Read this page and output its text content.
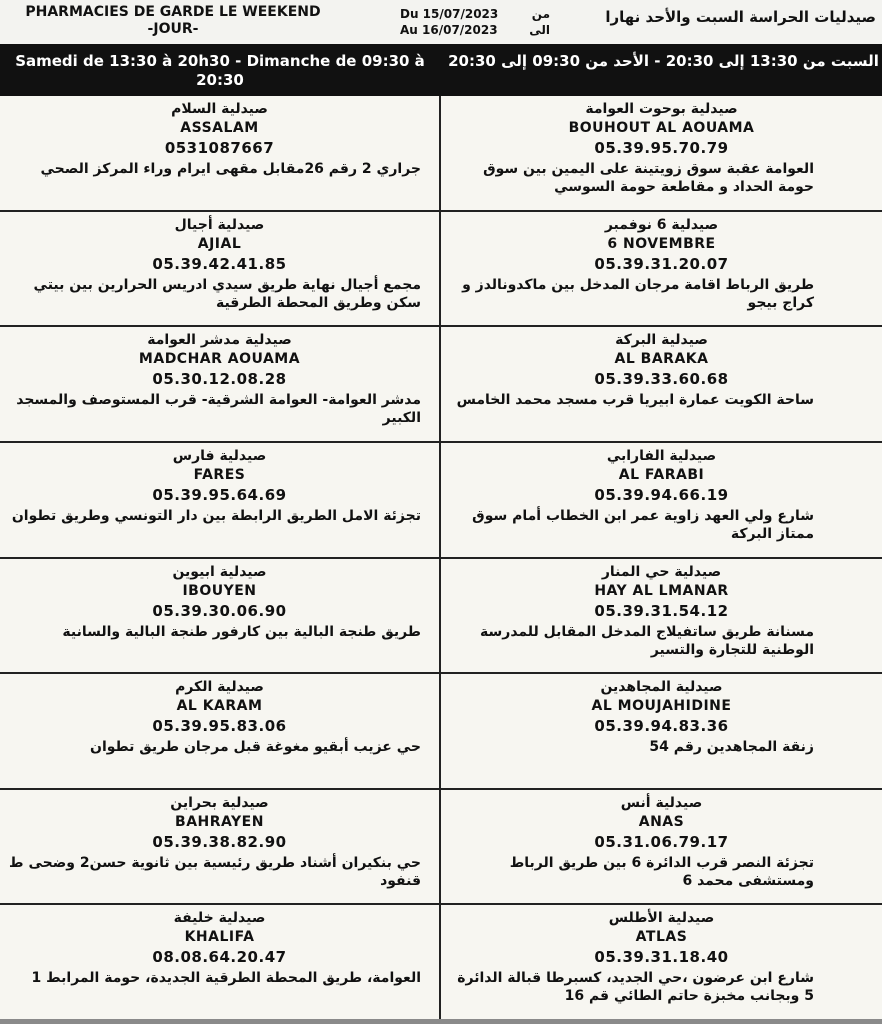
PHARMACIES DE GARDE LE WEEKEND
-JOUR-
Du 15/07/2023	من
Au 16/07/2023	الى
صيدليات الحراسة السبت والأحد نهارا
Samedi de 13:30 à 20h30 - Dimanche de 09:30 à 20:30
السبت من 13:30 إلى 20:30 - الأحد من 09:30 إلى 20:30
صيدلية السلام
ASSALAM
0531087667
جراري 2 رقم 26مقابل مقهى ايرام وراء المركز الصحي
صيدلية بوحوت العوامة
BOUHOUT AL AOUAMA
05.39.95.70.79
العوامة عقبة سوق زويتينة على اليمين بين سوق حومة الحداد و مقاطعة حومة السوسي
صيدلية أجيال
AJIAL
05.39.42.41.85
مجمع أجيال نهاية طريق سيدي ادريس الحرارين بين بيتي سكن وطريق المحطة الطرقية
صيدلية 6 نوفمبر
6 NOVEMBRE
05.39.31.20.07
طريق الرباط اقامة مرجان المدخل بين ماكدونالدز و كراج بيجو
صيدلية مدشر العوامة
MADCHAR AOUAMA
05.30.12.08.28
مدشر العوامة- العوامة الشرقية- قرب المستوصف والمسجد الكبير
صيدلية البركة
AL BARAKA
05.39.33.60.68
ساحة الكويت عمارة ابيريا قرب مسجد محمد الخامس
صيدلية فارس
FARES
05.39.95.64.69
تجزئة الامل الطريق الرابطة بين دار التونسي وطريق تطوان
صيدلية الفارابي
AL FARABI
05.39.94.66.19
شارع ولي العهد زاوية عمر ابن الخطاب أمام سوق ممتاز البركة
صيدلية ابيوين
IBOUYEN
05.39.30.06.90
طريق طنجة البالية بين كارفور طنجة البالية والسانية
صيدلية حي المنار
HAY AL LMANAR
05.39.31.54.12
مسنانة طريق ساتفيلاج المدخل المقابل للمدرسة الوطنية للتجارة والتسير
صيدلية الكرم
AL KARAM
05.39.95.83.06
حي عزيب أبقيو مغوغة قبل مرجان طريق تطوان
صيدلية المجاهدين
AL MOUJAHIDINE
05.39.94.83.36
زنقة المجاهدين رقم 54
صيدلية بحراين
BAHRAYEN
05.39.38.82.90
حي بنكيران أشناد طريق رئيسية بين ثانوية حسن2 وضحى ط قنفود
صيدلية أنس
ANAS
05.31.06.79.17
تجزئة النصر قرب الدائرة 6 بين طريق الرباط ومستشفى محمد 6
صيدلية خليفة
KHALIFA
08.08.64.20.47
العوامة، طريق المحطة الطرقية الجديدة، حومة المرابط 1
صيدلية الأطلس
ATLAS
05.39.31.18.40
شارع ابن عرضون ،حي الجديد، كسبرطا قبالة الدائرة 5 وبجانب مخبزة حاتم الطائي قم 16
